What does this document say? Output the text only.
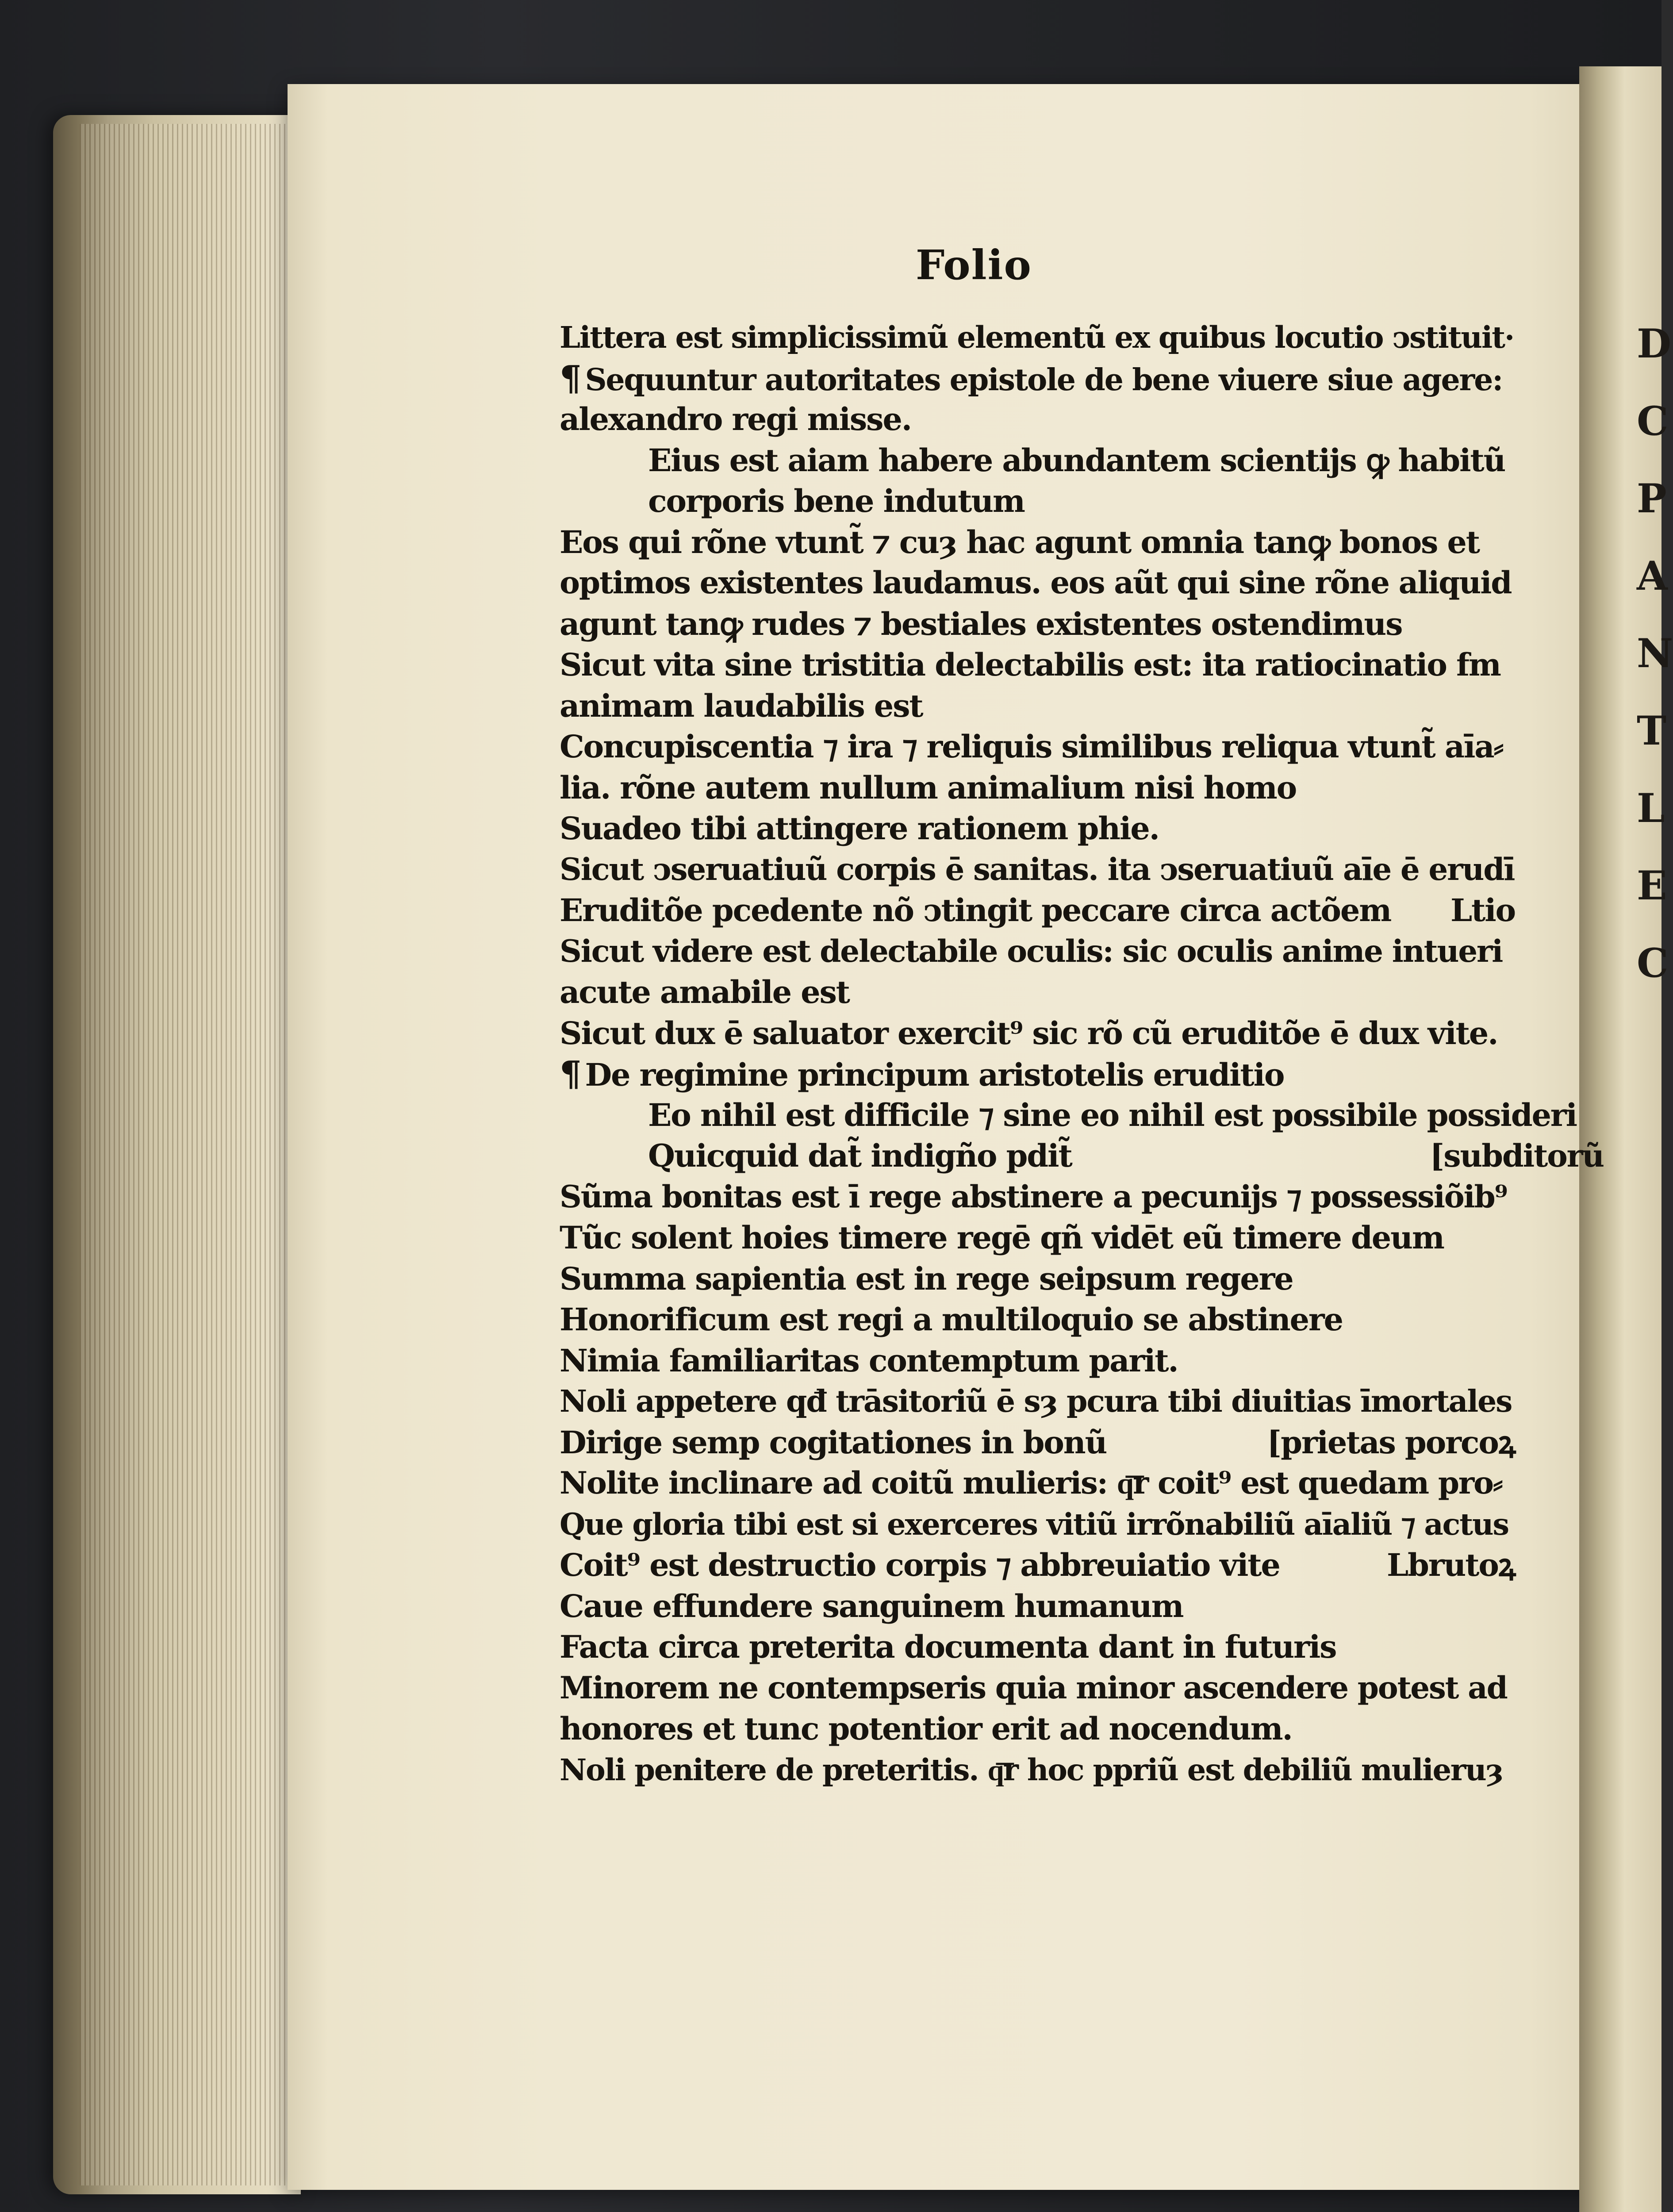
D
C
P
A
N
T
L
E
C
Folio
Littera est simplicissimũ elementũ ex quibus locutio ↄstituit·
¶ Sequuntur autoritates epistole de bene viuere siue agere:
alexandro regi misse.
Eius est aiam habere abundantem scientijs ꝙ habitũ
corporis bene indutum
Eos qui rõne vtunt̃ ⁊ cuȝ hac agunt omnia tanꝙ bonos et
optimos existentes laudamus. eos aũt qui sine rõne aliquid
agunt tanꝙ rudes ⁊ bestiales existentes ostendimus
Sicut vita sine tristitia delectabilis est: ita ratiocinatio fm
animam laudabilis est
Concupiscentia ⁊ ira ⁊ reliquis similibus reliqua vtunt̃ aīa⸗
lia. rõne autem nullum animalium nisi homo
Suadeo tibi attingere rationem phie.
Sicut ↄseruatiuũ corpis ē sanitas. ita ↄseruatiuũ aīe ē erudī
Eruditõe pcedente nõ ↄtingit peccare circa actõem Ltio
Sicut videre est delectabile oculis: sic oculis anime intueri
acute amabile est
Sicut dux ē saluator exercit⁹ sic rõ cũ eruditõe ē dux vite.
¶ De regimine principum aristotelis eruditio
Eo nihil est difficile ⁊ sine eo nihil est possibile possideri
Quicquid dat̃ indigño pdit̃	[subditorũ
Sũma bonitas est ī rege abstinere a pecunijs ⁊ possessiõib⁹
Tũc solent hoies timere regē qñ vidēt eũ timere deum
Summa sapientia est in rege seipsum regere
Honorificum est regi a multiloquio se abstinere
Nimia familiaritas contemptum parit.
Noli appetere qđ trāsitoriũ ē sȝ pcura tibi diuitias īmortales
Dirige semp cogitationes in bonũ	[prietas porcoꝝ
Nolite inclinare ad coitũ mulieris: q͞r coit⁹ est quedam pro⸗
Que gloria tibi est si exerceres vitiũ irrõnabiliũ aīaliũ ⁊ actus
Coit⁹ est destructio corpis ⁊ abbreuiatio vite	Lbrutoꝝ
Caue effundere sanguinem humanum
Facta circa preterita documenta dant in futuris
Minorem ne contempseris quia minor ascendere potest ad
honores et tunc potentior erit ad nocendum.
Noli penitere de preteritis. q͞r hoc ppriũ est debiliũ mulieruȝ
